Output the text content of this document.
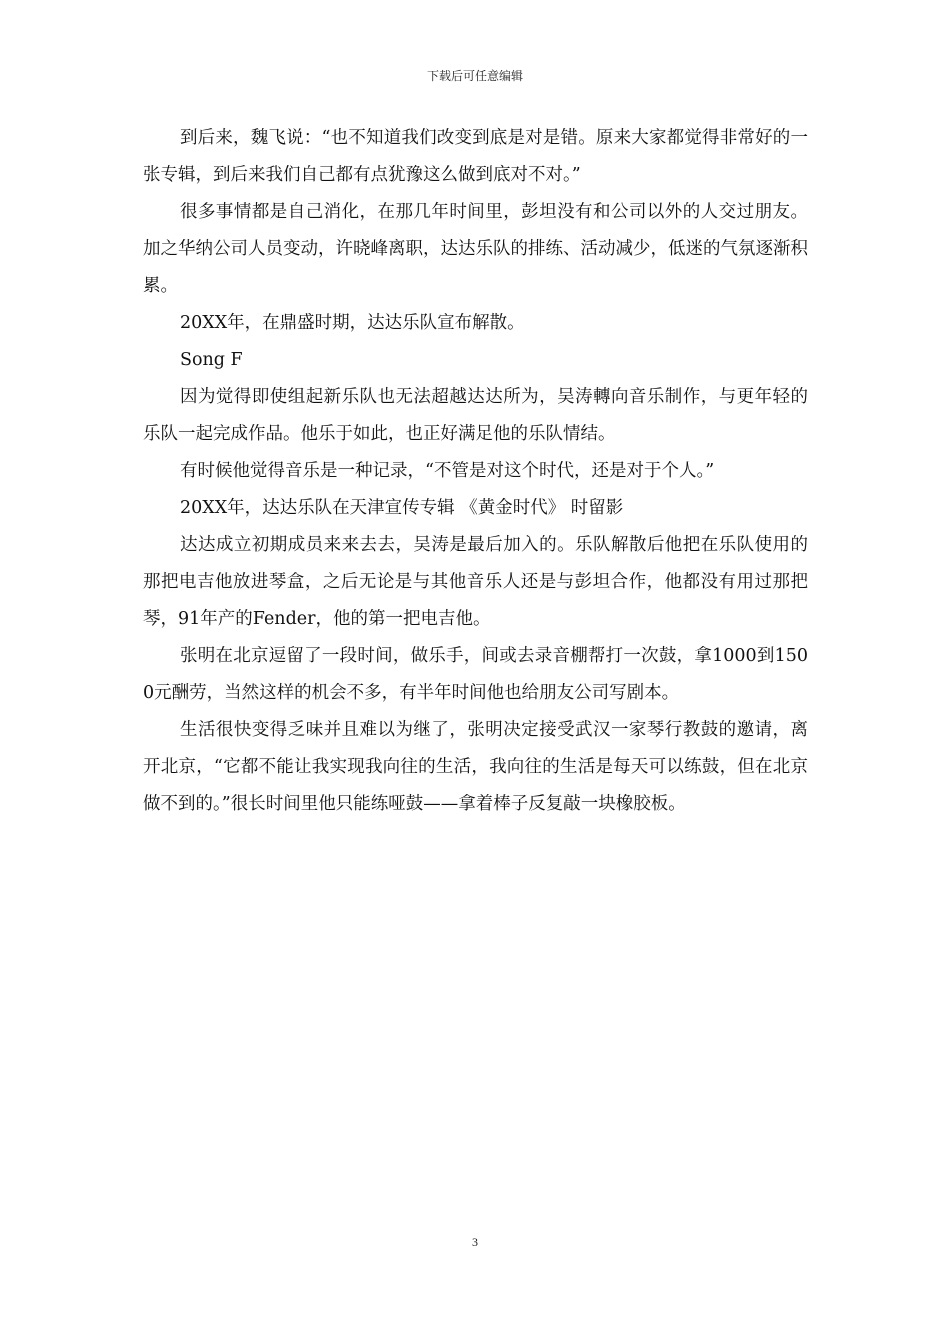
下载后可任意编辑

到后来，魏飞说：“也不知道我们改变到底是对是错。原来大家都觉得非常好的一张专辑，到后来我们自己都有点犹豫这么做到底对不对。”

很多事情都是自己消化，在那几年时间里，彭坦没有和公司以外的人交过朋友。加之华纳公司人员变动，许晓峰离职，达达乐队的排练、活动减少，低迷的气氛逐渐积累。

20XX年，在鼎盛时期，达达乐队宣布解散。

Song F

因为觉得即使组起新乐队也无法超越达达所为，吴涛轉向音乐制作，与更年轻的乐队一起完成作品。他乐于如此，也正好满足他的乐队情结。

有时候他觉得音乐是一种记录，“不管是对这个时代，还是对于个人。”

20XX年，达达乐队在天津宣传专辑 《黄金时代》 时留影

达达成立初期成员来来去去，吴涛是最后加入的。乐队解散后他把在乐队使用的那把电吉他放进琴盒，之后无论是与其他音乐人还是与彭坦合作，他都没有用过那把琴，91年产的Fender，他的第一把电吉他。

张明在北京逗留了一段时间，做乐手，间或去录音棚帮打一次鼓，拿1000到1500元酬劳，当然这样的机会不多，有半年时间他也给朋友公司写剧本。

生活很快变得乏味并且难以为继了，张明决定接受武汉一家琴行教鼓的邀请，离开北京，“它都不能让我实现我向往的生活，我向往的生活是每天可以练鼓，但在北京做不到的。”很长时间里他只能练哑鼓——拿着棒子反复敲一块橡胶板。

3
